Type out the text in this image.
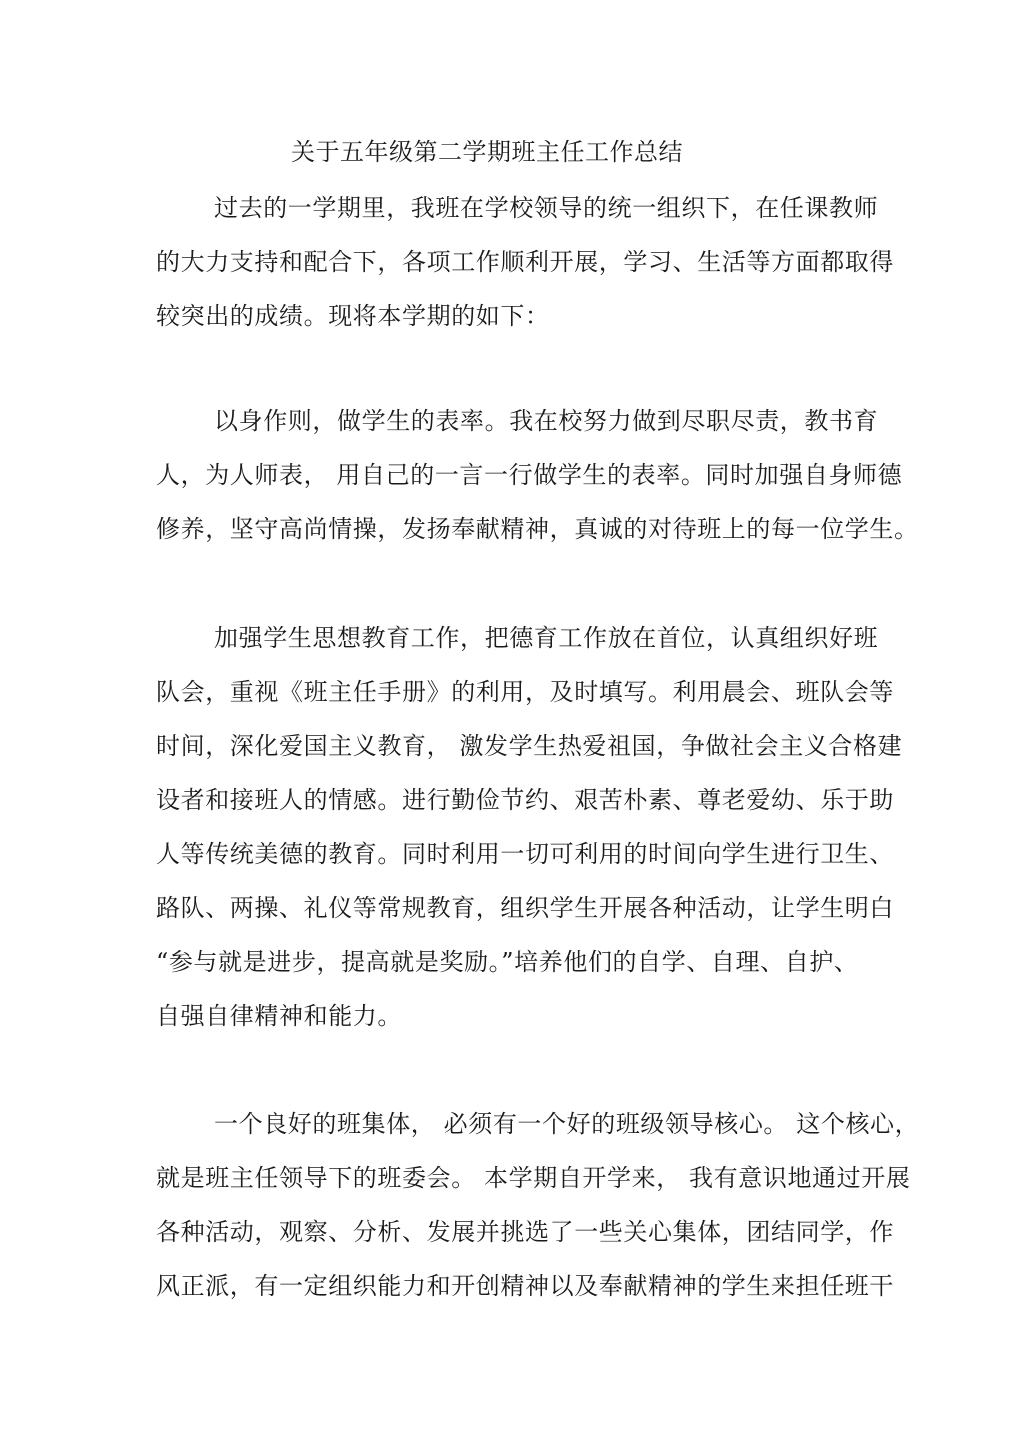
关于五年级第二学期班主任工作总结
过去的一学期里，我班在学校领导的统一组织下，在任课教师
的大力支持和配合下，各项工作顺利开展，学习、生活等方面都取得
较突出的成绩。现将本学期的如下：
以身作则，做学生的表率。我在校努力做到尽职尽责，教书育
人，为人师表， 用自己的一言一行做学生的表率。同时加强自身师德
修养，坚守高尚情操，发扬奉献精神，真诚的对待班上的每一位学生。
加强学生思想教育工作，把德育工作放在首位，认真组织好班
队会，重视《班主任手册》的利用，及时填写。利用晨会、班队会等
时间，深化爱国主义教育， 激发学生热爱祖国，争做社会主义合格建
设者和接班人的情感。进行勤俭节约、艰苦朴素、尊老爱幼、乐于助
人等传统美德的教育。同时利用一切可利用的时间向学生进行卫生、
路队、两操、礼仪等常规教育，组织学生开展各种活动，让学生明白
“参与就是进步，提高就是奖励。”培养他们的自学、自理、自护、
自强自律精神和能力。
一个良好的班集体， 必须有一个好的班级领导核心。 这个核心，
就是班主任领导下的班委会。 本学期自开学来， 我有意识地通过开展
各种活动，观察、分析、发展并挑选了一些关心集体，团结同学，作
风正派，有一定组织能力和开创精神以及奉献精神的学生来担任班干
